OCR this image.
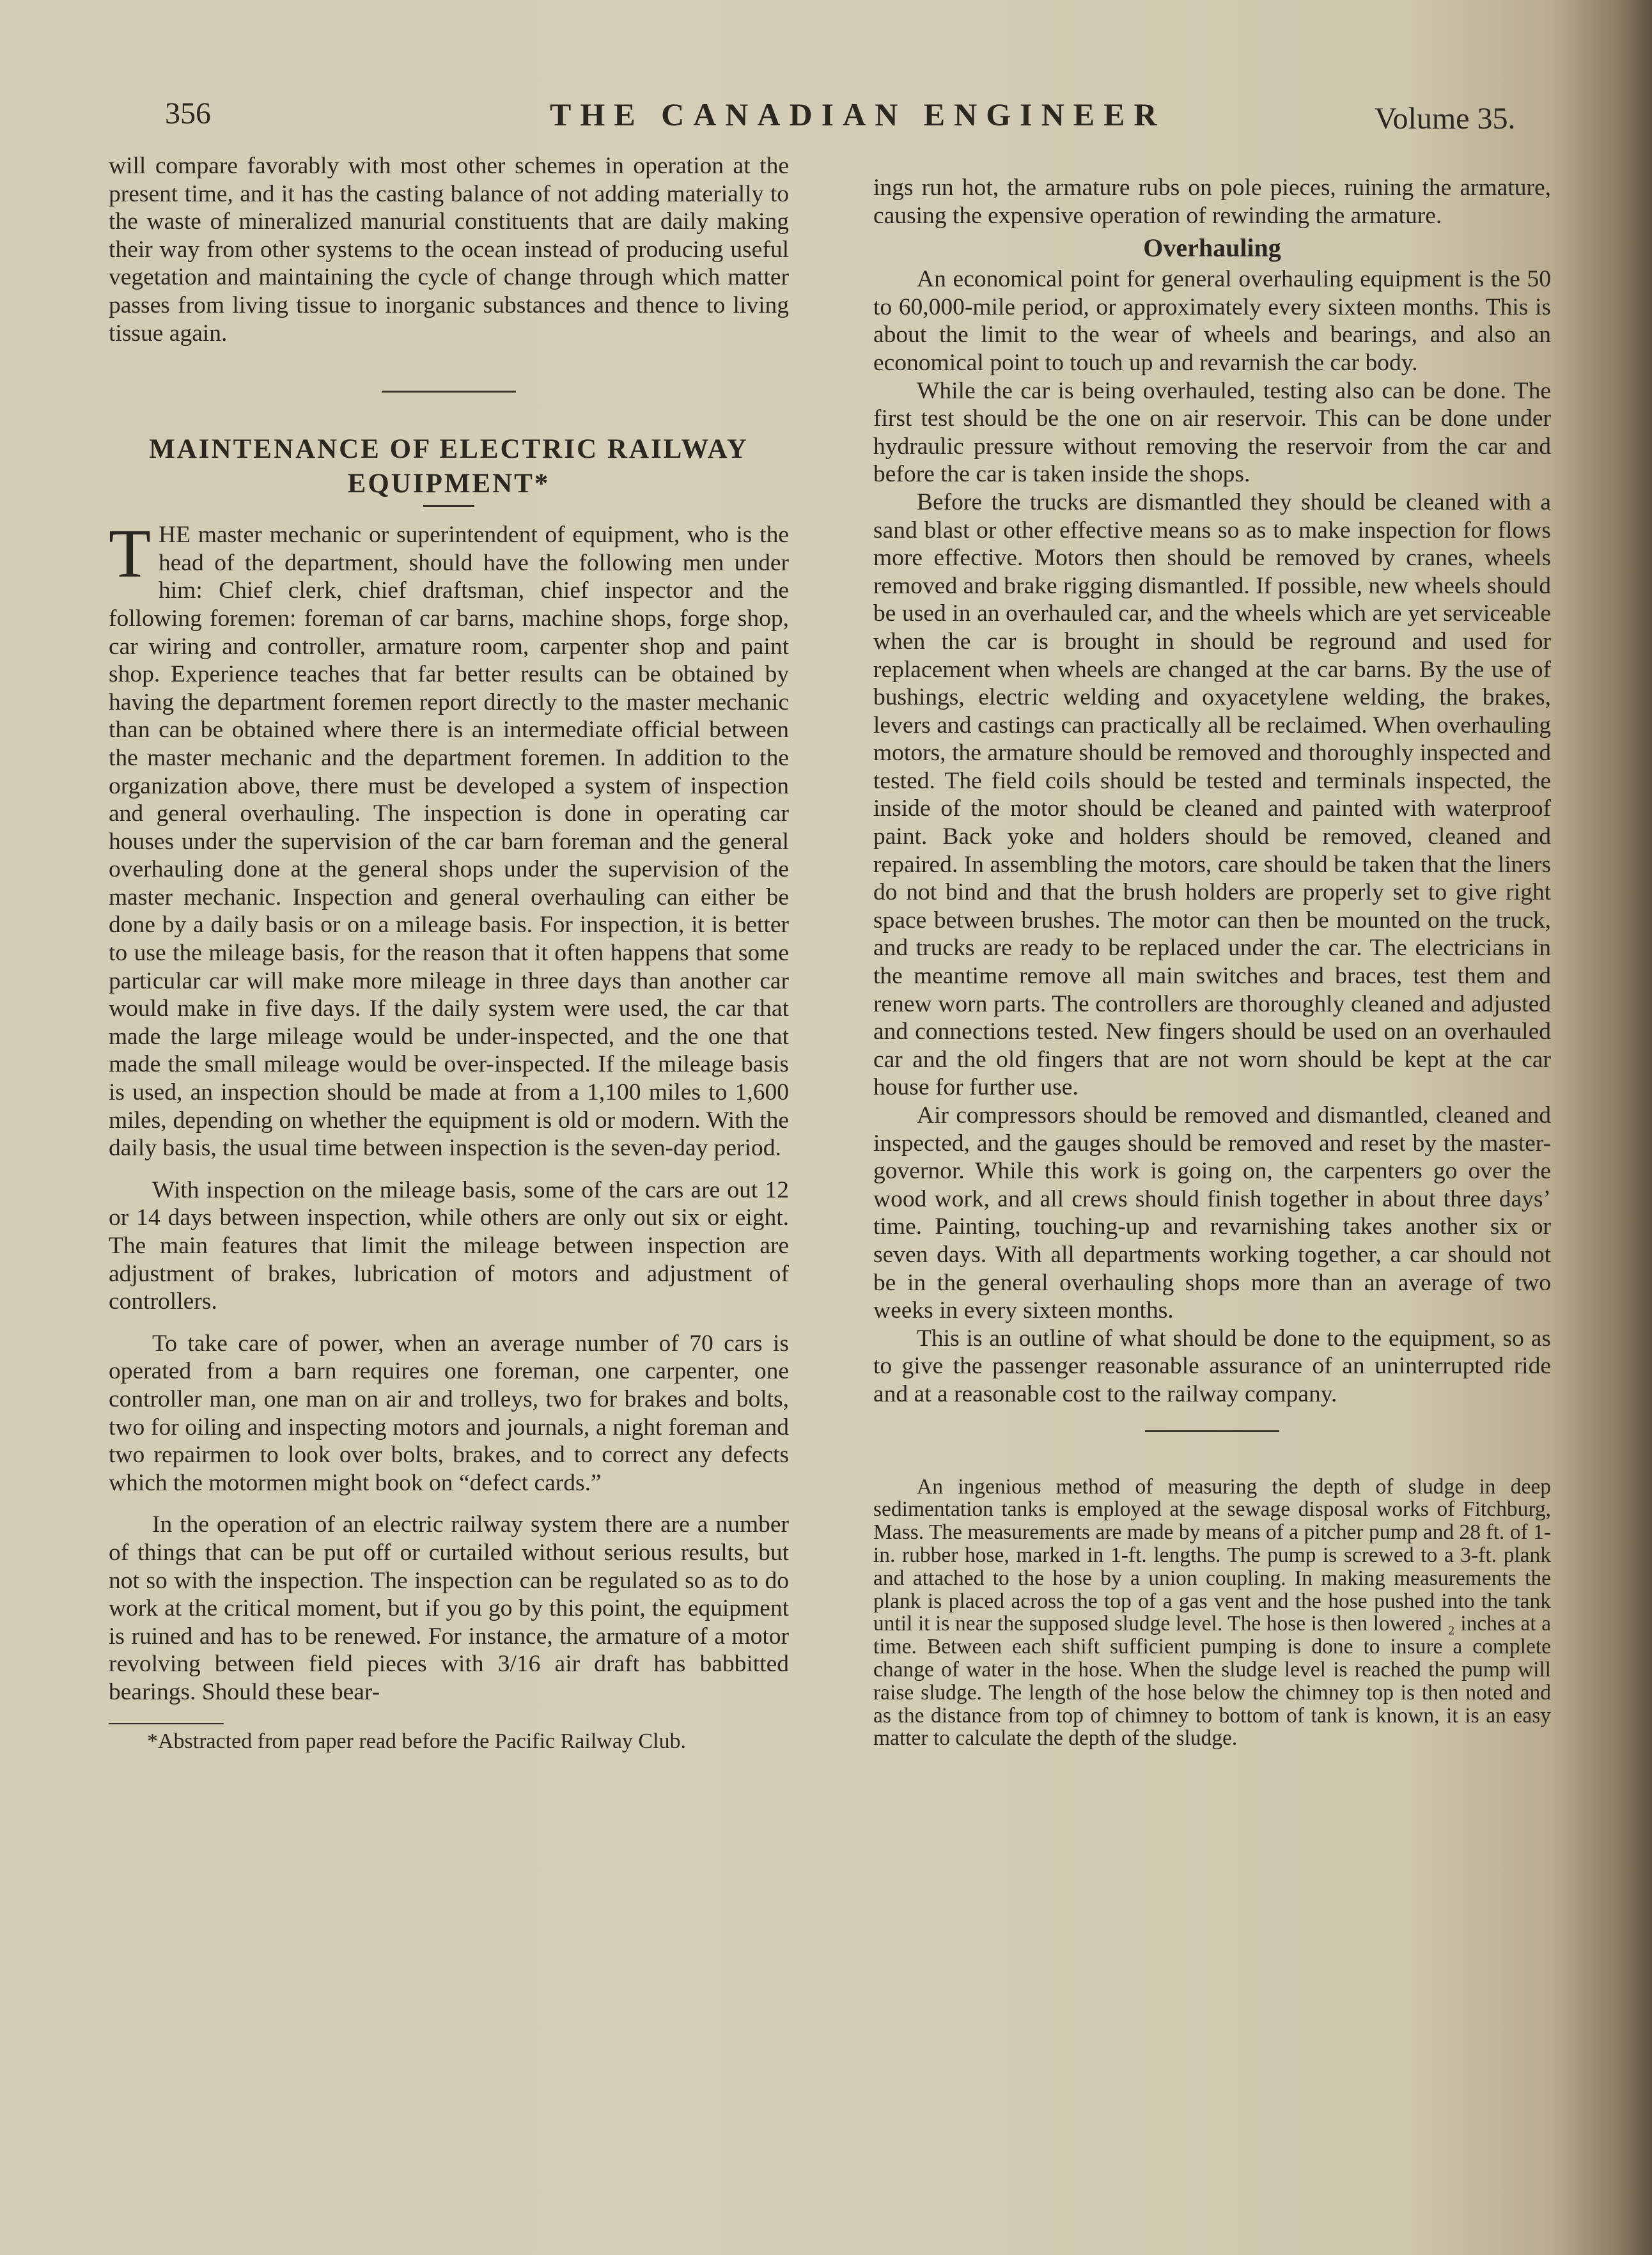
356	THE CANADIAN ENGINEER	Volume 35.

will compare favorably with most other schemes in operation at the present time, and it has the casting balance of not adding materially to the waste of mineralized manurial constituents that are daily making their way from other systems to the ocean instead of producing useful vegetation and maintaining the cycle of change through which matter passes from living tissue to inorganic substances and thence to living tissue again.

MAINTENANCE OF ELECTRIC RAILWAY
EQUIPMENT*

THE master mechanic or superintendent of equipment, who is the head of the department, should have the following men under him: Chief clerk, chief draftsman, chief inspector and the following foremen: foreman of car barns, machine shops, forge shop, car wiring and controller, armature room, carpenter shop and paint shop. Experience teaches that far better results can be obtained by having the department foremen report directly to the master mechanic than can be obtained where there is an intermediate official between the master mechanic and the department foremen. In addition to the organization above, there must be developed a system of inspection and general overhauling. The inspection is done in operating car houses under the supervision of the car barn foreman and the general overhauling done at the general shops under the supervision of the master mechanic. Inspection and general overhauling can either be done by a daily basis or on a mileage basis. For inspection, it is better to use the mileage basis, for the reason that it often happens that some particular car will make more mileage in three days than another car would make in five days. If the daily system were used, the car that made the large mileage would be under-inspected, and the one that made the small mileage would be over-inspected. If the mileage basis is used, an inspection should be made at from a 1,100 miles to 1,600 miles, depending on whether the equipment is old or modern. With the daily basis, the usual time between inspection is the seven-day period.

With inspection on the mileage basis, some of the cars are out 12 or 14 days between inspection, while others are only out six or eight. The main features that limit the mileage between inspection are adjustment of brakes, lubrication of motors and adjustment of controllers.

To take care of power, when an average number of 70 cars is operated from a barn requires one foreman, one carpenter, one controller man, one man on air and trolleys, two for brakes and bolts, two for oiling and inspecting motors and journals, a night foreman and two repairmen to look over bolts, brakes, and to correct any defects which the motormen might book on “defect cards.”

In the operation of an electric railway system there are a number of things that can be put off or curtailed without serious results, but not so with the inspection. The inspection can be regulated so as to do work at the critical moment, but if you go by this point, the equipment is ruined and has to be renewed. For instance, the armature of a motor revolving between field pieces with 3/16 air draft has babbitted bearings. Should these bear-

*Abstracted from paper read before the Pacific Railway Club.

ings run hot, the armature rubs on pole pieces, ruining the armature, causing the expensive operation of rewinding the armature.

Overhauling

An economical point for general overhauling equipment is the 50 to 60,000-mile period, or approximately every sixteen months. This is about the limit to the wear of wheels and bearings, and also an economical point to touch up and revarnish the car body.

While the car is being overhauled, testing also can be done. The first test should be the one on air reservoir. This can be done under hydraulic pressure without removing the reservoir from the car and before the car is taken inside the shops.

Before the trucks are dismantled they should be cleaned with a sand blast or other effective means so as to make inspection for flows more effective. Motors then should be removed by cranes, wheels removed and brake rigging dismantled. If possible, new wheels should be used in an overhauled car, and the wheels which are yet serviceable when the car is brought in should be reground and used for replacement when wheels are changed at the car barns. By the use of bushings, electric welding and oxyacetylene welding, the brakes, levers and castings can practically all be reclaimed. When overhauling motors, the armature should be removed and thoroughly inspected and tested. The field coils should be tested and terminals inspected, the inside of the motor should be cleaned and painted with waterproof paint. Back yoke and holders should be removed, cleaned and repaired. In assembling the motors, care should be taken that the liners do not bind and that the brush holders are properly set to give right space between brushes. The motor can then be mounted on the truck, and trucks are ready to be replaced under the car. The electricians in the meantime remove all main switches and braces, test them and renew worn parts. The controllers are thoroughly cleaned and adjusted and connections tested. New fingers should be used on an overhauled car and the old fingers that are not worn should be kept at the car house for further use.

Air compressors should be removed and dismantled, cleaned and inspected, and the gauges should be removed and reset by the master-governor. While this work is going on, the carpenters go over the wood work, and all crews should finish together in about three days’ time. Painting, touching-up and revarnishing takes another six or seven days. With all departments working together, a car should not be in the general overhauling shops more than an average of two weeks in every sixteen months.

This is an outline of what should be done to the equipment, so as to give the passenger reasonable assurance of an uninterrupted ride and at a reasonable cost to the railway company.

An ingenious method of measuring the depth of sludge in deep sedimentation tanks is employed at the sewage disposal works of Fitchburg, Mass. The measurements are made by means of a pitcher pump and 28 ft. of 1-in. rubber hose, marked in 1-ft. lengths. The pump is screwed to a 3-ft. plank and attached to the hose by a union coupling. In making measurements the plank is placed across the top of a gas vent and the hose pushed into the tank until it is near the supposed sludge level. The hose is then lowered ₂ inches at a time. Between each shift sufficient pumping is done to insure a complete change of water in the hose. When the sludge level is reached the pump will raise sludge. The length of the hose below the chimney top is then noted and as the distance from top of chimney to bottom of tank is known, it is an easy matter to calculate the depth of the sludge.
